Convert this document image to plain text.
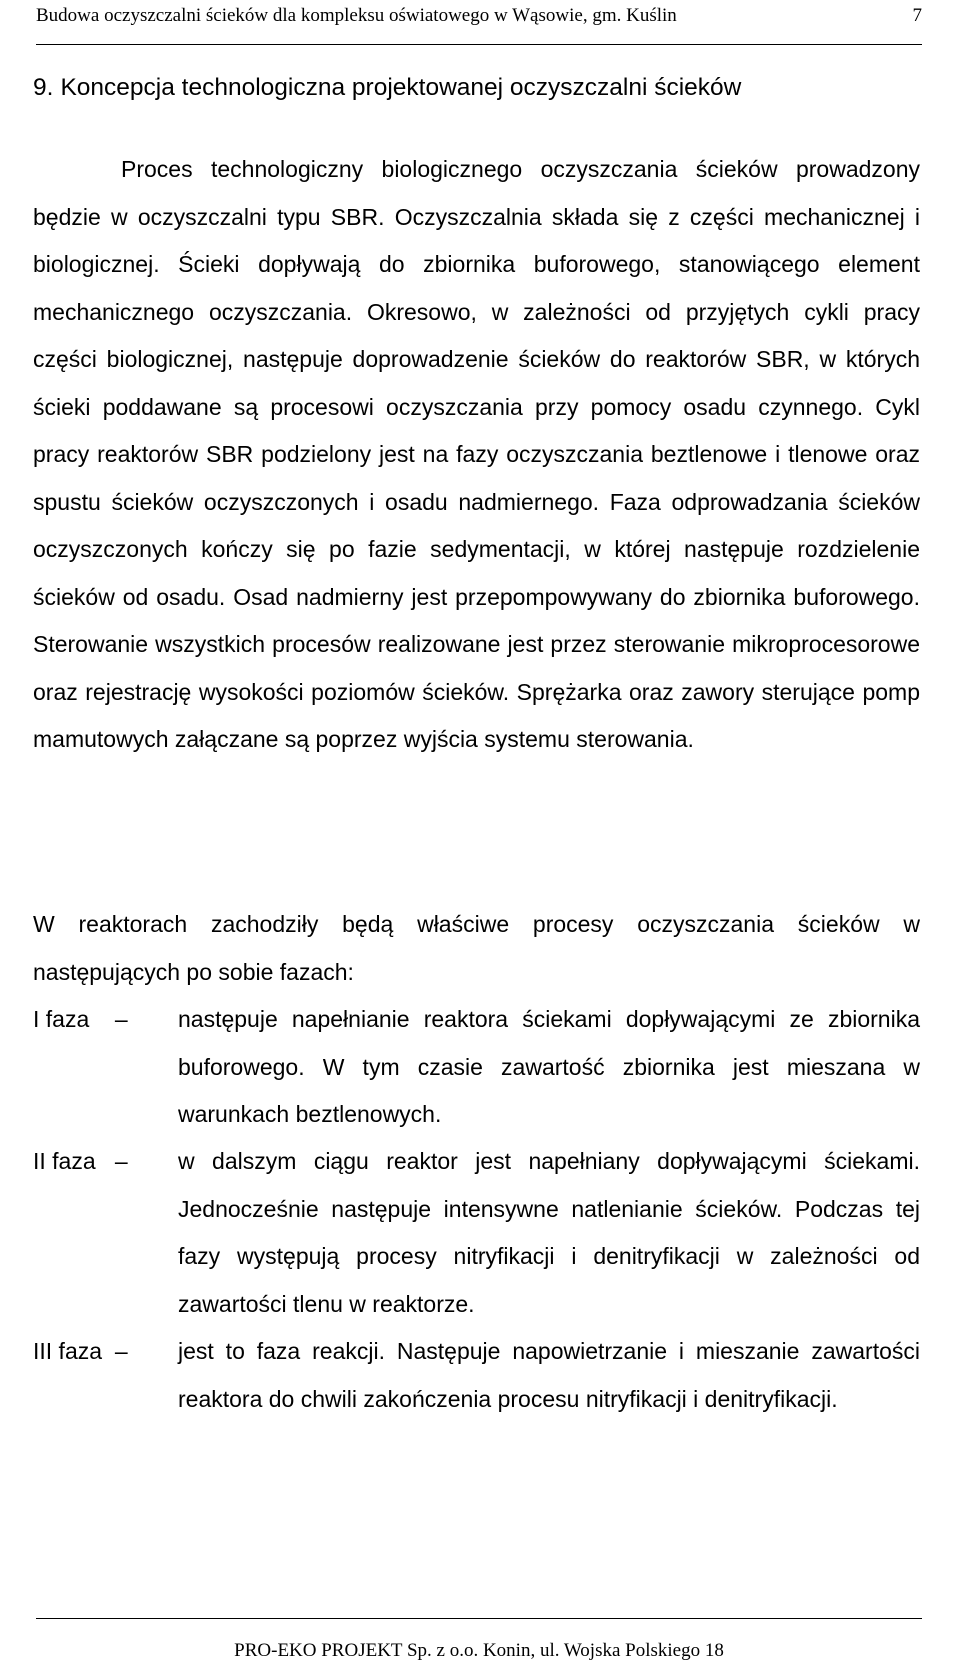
Budowa oczyszczalni ścieków dla kompleksu oświatowego w Wąsowie, gm. Kuślin	7
9. Koncepcja technologiczna projektowanej oczyszczalni ścieków

Proces technologiczny biologicznego oczyszczania ścieków prowadzony będzie w oczyszczalni typu SBR. Oczyszczalnia składa się z części mechanicznej i biologicznej. Ścieki dopływają do zbiornika buforowego, stanowiącego element mechanicznego oczyszczania. Okresowo, w zależności od przyjętych cykli pracy części biologicznej, następuje doprowadzenie ścieków do reaktorów SBR, w których ścieki poddawane są procesowi oczyszczania przy pomocy osadu czynnego. Cykl pracy reaktorów SBR podzielony jest na fazy oczyszczania beztlenowe i tlenowe oraz spustu ścieków oczyszczonych i osadu nadmiernego. Faza odprowadzania ścieków oczyszczonych kończy się po fazie sedymentacji, w której następuje rozdzielenie ścieków od osadu. Osad nadmierny jest przepompowywany do zbiornika buforowego. Sterowanie wszystkich procesów realizowane jest przez sterowanie mikroprocesorowe oraz rejestrację wysokości poziomów ścieków. Sprężarka oraz zawory sterujące pomp mamutowych załączane są poprzez wyjścia systemu sterowania.

W reaktorach zachodziły będą właściwe procesy oczyszczania ścieków w następujących po sobie fazach:

I faza – następuje napełnianie reaktora ściekami dopływającymi ze zbiornika buforowego. W tym czasie zawartość zbiornika jest mieszana w warunkach beztlenowych.

II faza – w dalszym ciągu reaktor jest napełniany dopływającymi ściekami. Jednocześnie następuje intensywne natlenianie ścieków. Podczas tej fazy występują procesy nitryfikacji i denitryfikacji w zależności od zawartości tlenu w reaktorze.

III faza – jest to faza reakcji. Następuje napowietrzanie i mieszanie zawartości reaktora do chwili zakończenia procesu nitryfikacji i denitryfikacji.

PRO-EKO PROJEKT Sp. z o.o. Konin, ul. Wojska Polskiego 18
